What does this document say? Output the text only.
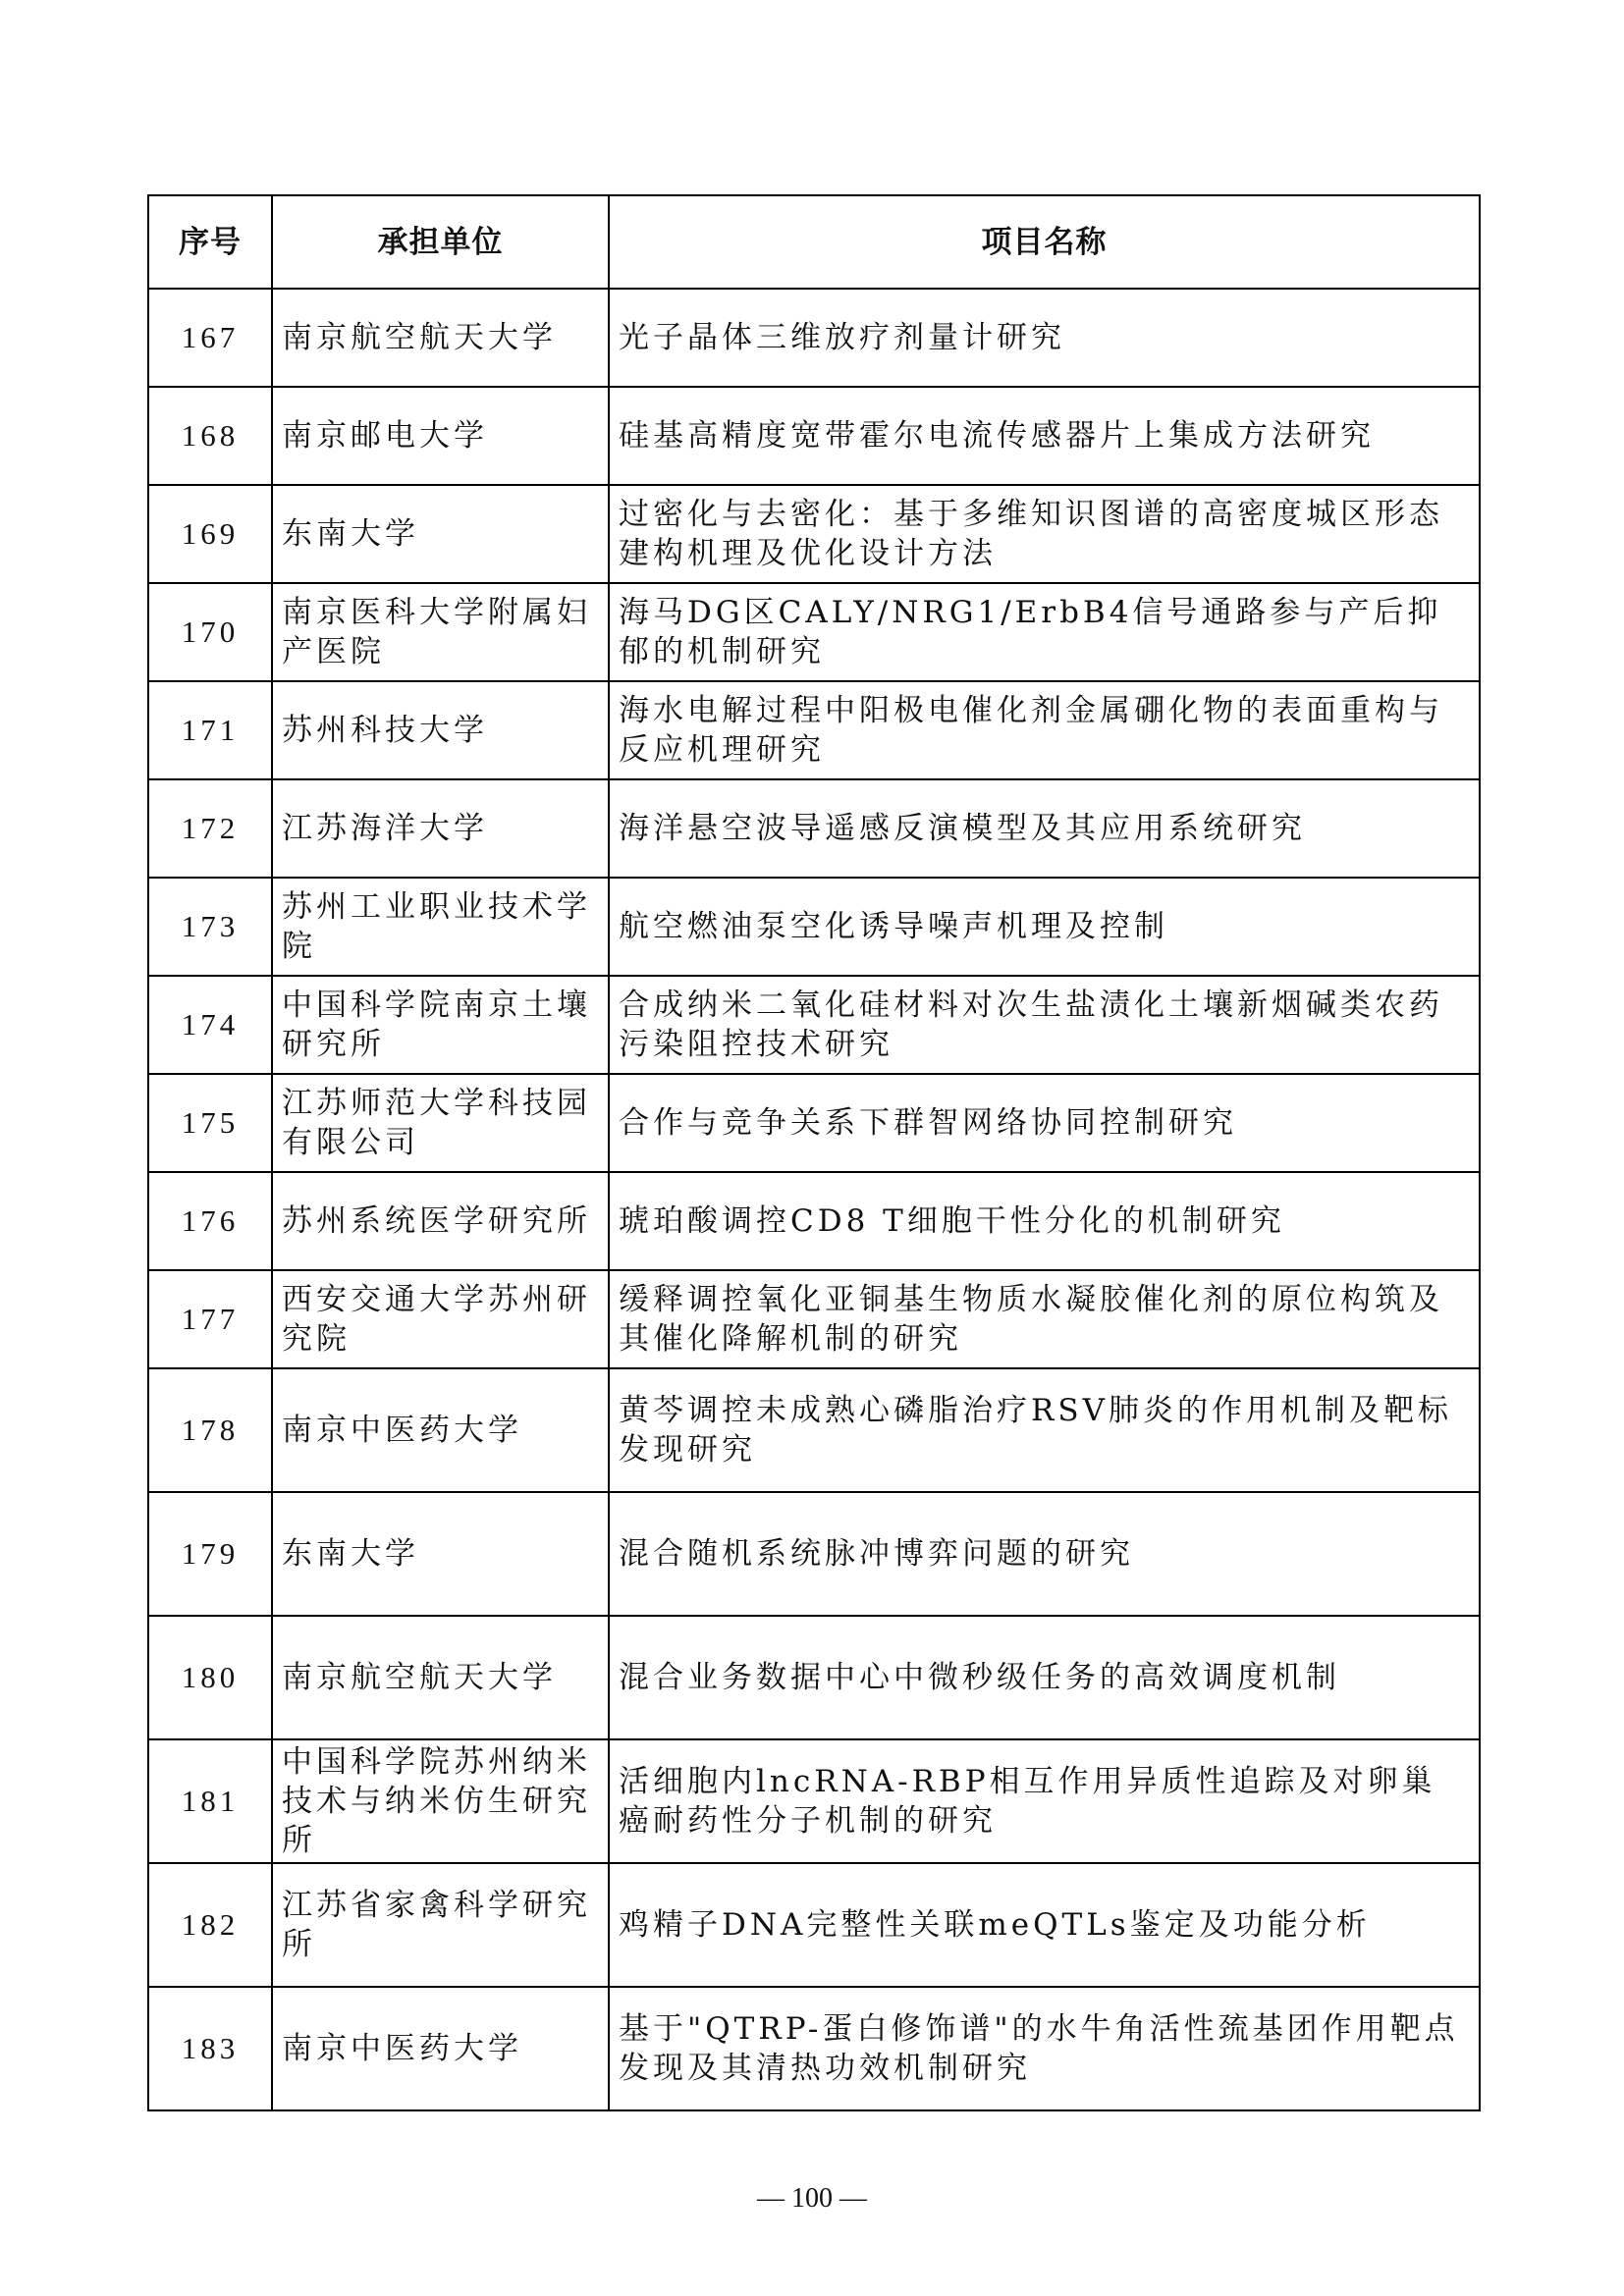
序号	承担单位	项目名称
167	南京航空航天大学	光子晶体三维放疗剂量计研究
168	南京邮电大学	硅基高精度宽带霍尔电流传感器片上集成方法研究
169	东南大学	过密化与去密化：基于多维知识图谱的高密度城区形态建构机理及优化设计方法
170	南京医科大学附属妇产医院	海马DG区CALY/NRG1/ErbB4信号通路参与产后抑郁的机制研究
171	苏州科技大学	海水电解过程中阳极电催化剂金属硼化物的表面重构与反应机理研究
172	江苏海洋大学	海洋悬空波导遥感反演模型及其应用系统研究
173	苏州工业职业技术学院	航空燃油泵空化诱导噪声机理及控制
174	中国科学院南京土壤研究所	合成纳米二氧化硅材料对次生盐渍化土壤新烟碱类农药污染阻控技术研究
175	江苏师范大学科技园有限公司	合作与竞争关系下群智网络协同控制研究
176	苏州系统医学研究所	琥珀酸调控CD8 T细胞干性分化的机制研究
177	西安交通大学苏州研究院	缓释调控氧化亚铜基生物质水凝胶催化剂的原位构筑及其催化降解机制的研究
178	南京中医药大学	黄芩调控未成熟心磷脂治疗RSV肺炎的作用机制及靶标发现研究
179	东南大学	混合随机系统脉冲博弈问题的研究
180	南京航空航天大学	混合业务数据中心中微秒级任务的高效调度机制
181	中国科学院苏州纳米技术与纳米仿生研究所	活细胞内lncRNA-RBP相互作用异质性追踪及对卵巢癌耐药性分子机制的研究
182	江苏省家禽科学研究所	鸡精子DNA完整性关联meQTLs鉴定及功能分析
183	南京中医药大学	基于"QTRP-蛋白修饰谱"的水牛角活性巯基团作用靶点发现及其清热功效机制研究
— 100 —
